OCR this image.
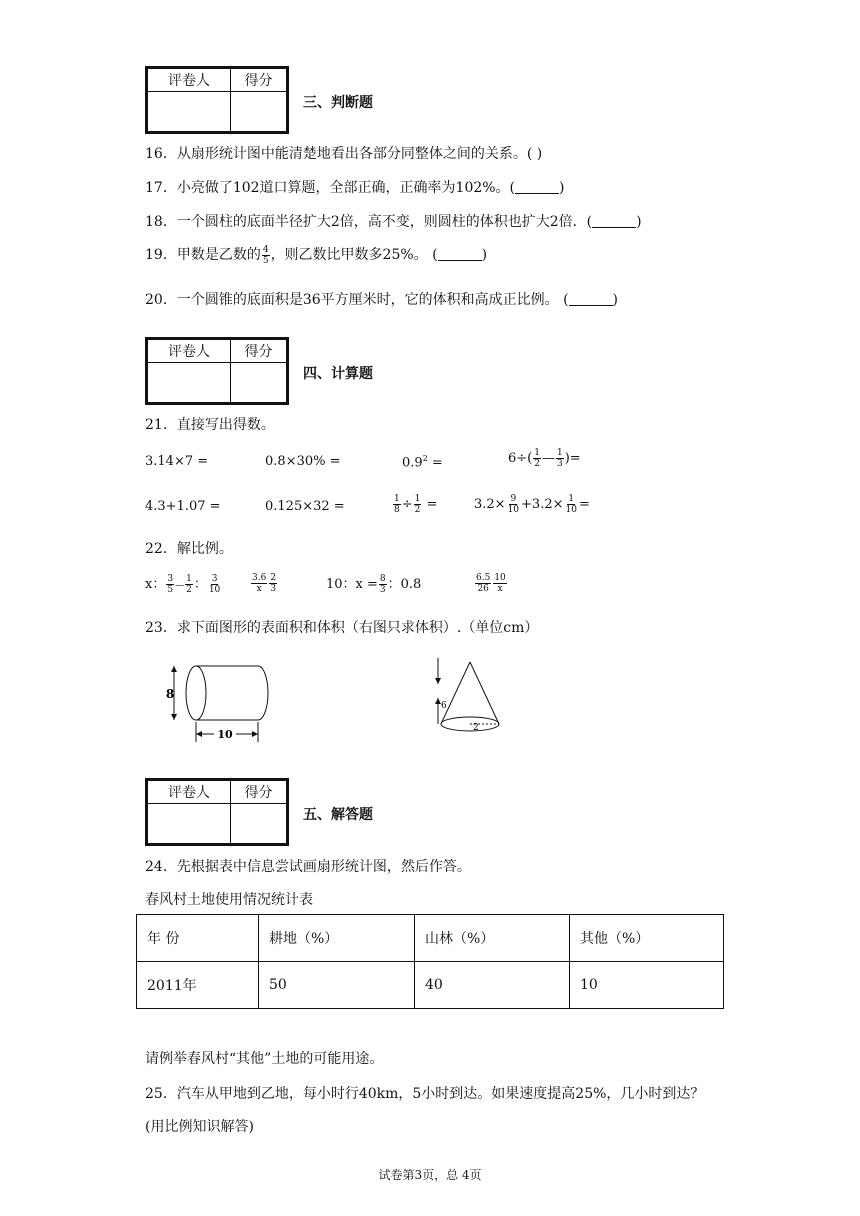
评卷人	得分

三、判断题
16．从扇形统计图中能清楚地看出各部分同整体之间的关系。( )
17．小亮做了102道口算题，全部正确，正确率为102%。(	)
18．一个圆柱的底面半径扩大2倍，高不变，则圆柱的体积也扩大2倍．(	)
19．甲数是乙数的 $\frac{4}{5}$ ，则乙数比甲数多25%。 (	)
20．一个圆锥的底面积是36平方厘米时，它的体积和高成正比例。 (	)
评卷人	得分

四、计算题
21．直接写出得数。
3.14×7 =	0.8×30% =	$0.9^2$ =	$6\div( \frac{1}{2}$ — $\frac{1}{3}$ )=
4.3+1.07 =	0.125×32 =	$\frac{1}{8} \div \frac{1}{2}$ =	$3.2\times \frac{9}{10} +3.2\times \frac{1}{10}$ =
22．解比例。
x： $\frac{3}{5}$ — $\frac{1}{2}$ ： $\frac{3}{10}$	$\frac{3.6}{x} \frac{2}{3}$	10：$x = \frac{8}{3}$ ：0.8	$\frac{6.5}{26} \frac{10}{x}$
23．求下面图形的表面积和体积（右图只求体积）.（单位cm）
8
10
6
2
评卷人	得分

五、解答题
24．先根据表中信息尝试画扇形统计图，然后作答。
春风村土地使用情况统计表
年 份	耕地（%）	山林（%）	其他（%）
2011年	50	40	10
请例举春风村“其他”土地的可能用途。
25．汽车从甲地到乙地，每小时行40km，5小时到达。如果速度提高25%，几小时到达？
(用比例知识解答)
试卷第3页，总 4页
